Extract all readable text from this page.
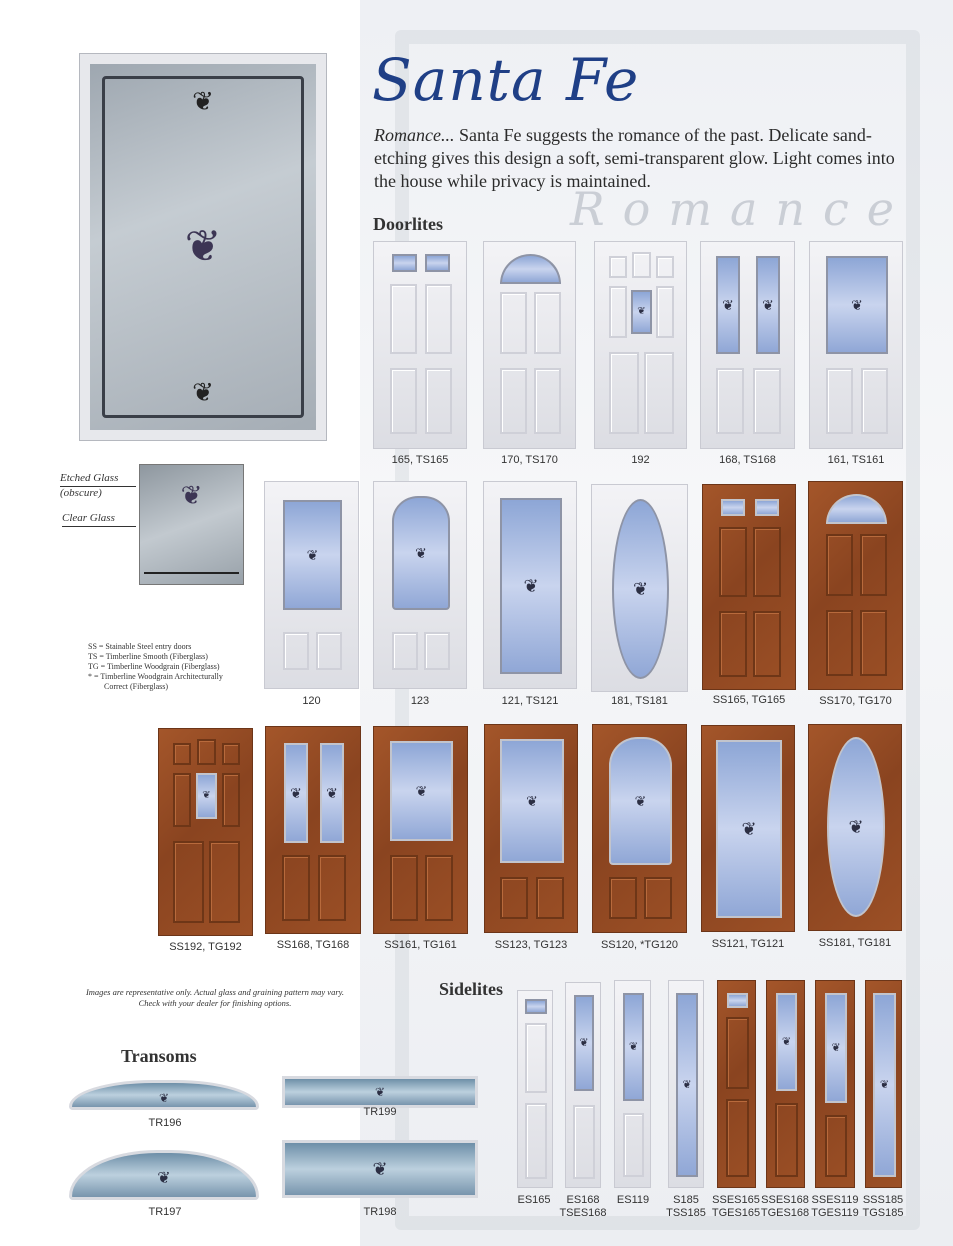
Santa Fe
Romance... Santa Fe suggests the romance of the past. Delicate sand-etching gives this design a soft, semi-transparent glow. Light comes into the house while privacy is maintained.
Romance
❦
❦
❦
❦
Etched Glass
(obscure)
Clear Glass
SS = Stainable Steel entry doors
TS = Timberline Smooth (Fiberglass)
TG = Timberline Woodgrain (Fiberglass)
* = Timberline Woodgrain Architecturally
Correct (Fiberglass)
Images are representative only. Actual glass and graining pattern may vary.
Check with your dealer for finishing options.
Doorlites
Sidelites
Transoms
❦	❦ ❦	❦
165, TS165	170, TS170	192	168, TS168	161, TS161
❦	❦
❦	❦
120	123	121, TS121	181, TS181	SS165, TG165	SS170, TG170
❦	❦ ❦	❦
❦	❦
❦	❦
SS192, TG192	SS168, TG168	SS161, TG161	SS123, TG123	SS120, *TG120	SS121, TG121	SS181, TG181
❦	❦
❦
❦	❦
❦
ES165	ES168
TSES168
ES119	S185
TSS185
SSES165
TGES165
SSES168
TGES168
SSES119
TGES119
SSS185
TGS185
❦	❦
❦	❦
TR196
TR199
TR197	TR198
